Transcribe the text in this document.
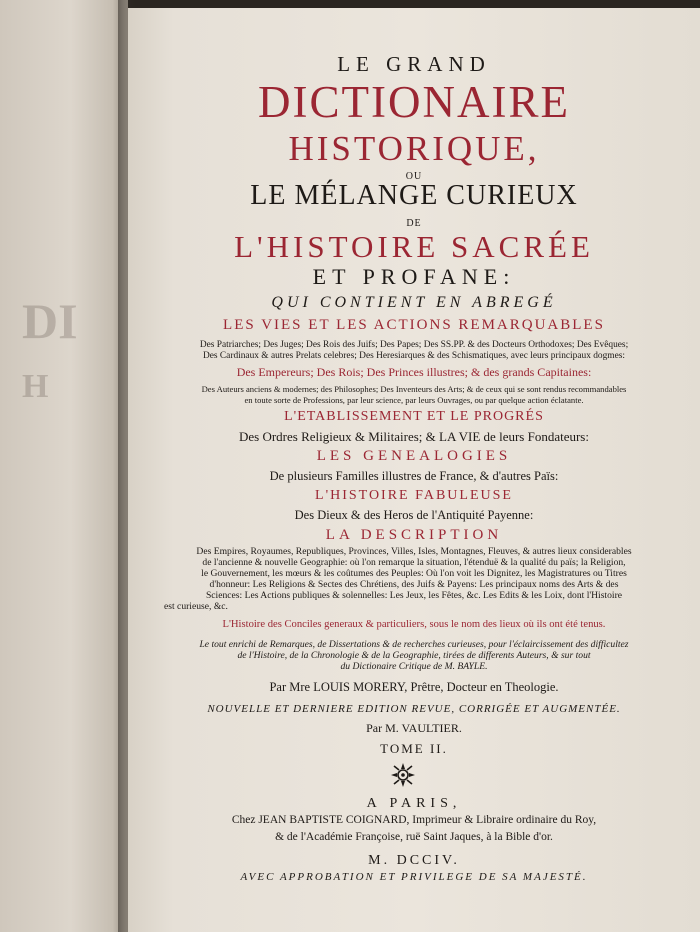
DI
H
LE GRAND
DICTIONAIRE
HISTORIQUE,
OU
LE MÉLANGE CURIEUX
DE
L'HISTOIRE SACRÉE
ET PROFANE:
QUI CONTIENT EN ABREGÉ
LES VIES ET LES ACTIONS REMARQUABLES
Des Patriarches; Des Juges; Des Rois des Juifs; Des Papes; Des SS.PP. & des Docteurs Orthodoxes; Des Evêques;
Des Cardinaux & autres Prelats celebres; Des Heresiarques & des Schismatiques, avec leurs principaux dogmes:
Des Empereurs; Des Rois; Des Princes illustres; & des grands Capitaines:
Des Auteurs anciens & modernes; des Philosophes; Des Inventeurs des Arts; & de ceux qui se sont rendus recommandables
en toute sorte de Professions, par leur science, par leurs Ouvrages, ou par quelque action éclatante.
L'ETABLISSEMENT ET LE PROGRÉS
Des Ordres Religieux & Militaires; & LA VIE de leurs Fondateurs:
LES GENEALOGIES
De plusieurs Familles illustres de France, & d'autres Païs:
L'HISTOIRE FABULEUSE
Des Dieux & des Heros de l'Antiquité Payenne:
LA DESCRIPTION
Des Empires, Royaumes, Republiques, Provinces, Villes, Isles, Montagnes, Fleuves, & autres lieux considerables
de l'ancienne & nouvelle Geographie: où l'on remarque la situation, l'étenduë & la qualité du païs; la Religion,
le Gouvernement, les mœurs & les coûtumes des Peuples: Où l'on voit les Dignitez, les Magistratures ou Titres
d'honneur: Les Religions & Sectes des Chrétiens, des Juifs & Payens: Les principaux noms des Arts & des
Sciences: Les Actions publiques & solennelles: Les Jeux, les Fêtes, &c. Les Edits & les Loix, dont l'Histoire
est curieuse, &c.
L'Histoire des Conciles generaux & particuliers, sous le nom des lieux où ils ont été tenus.
Le tout enrichi de Remarques, de Dissertations & de recherches curieuses, pour l'éclaircissement des difficultez
de l'Histoire, de la Chronologie & de la Geographie, tirées de differents Auteurs, & sur tout
du Dictionaire Critique de M. BAYLE.
Par Mre LOUIS MORERY, Prêtre, Docteur en Theologie.
NOUVELLE ET DERNIERE EDITION REVUE, CORRIGÉE ET AUGMENTÉE.
Par M. VAULTIER.
TOME II.
A PARIS,
Chez JEAN BAPTISTE COIGNARD, Imprimeur & Libraire ordinaire du Roy,
& de l'Académie Françoise, ruë Saint Jaques, à la Bible d'or.
M. DCCIV.
AVEC APPROBATION ET PRIVILEGE DE SA MAJESTÉ.
